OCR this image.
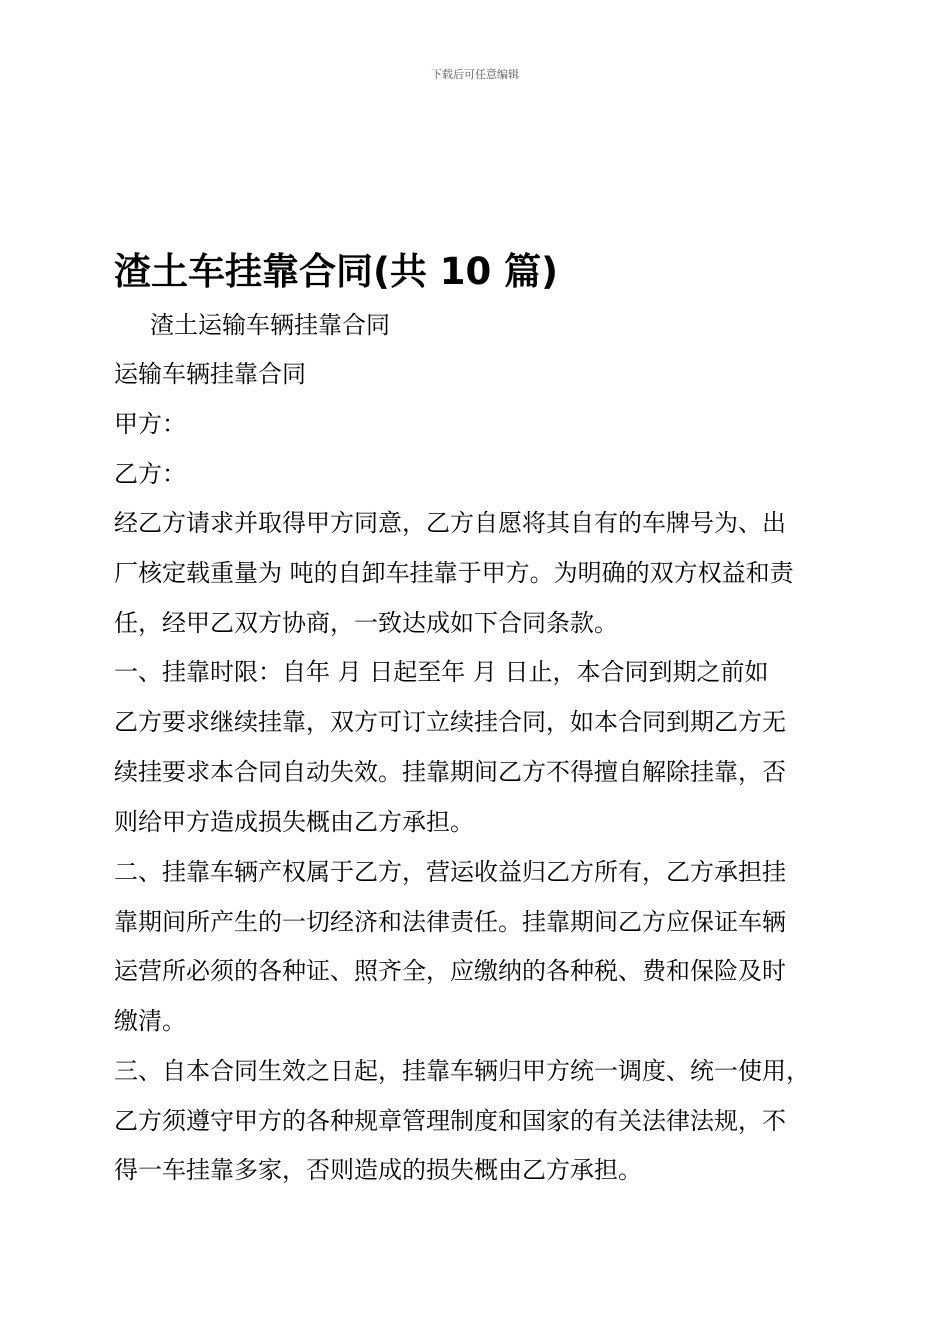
下载后可任意编辑
渣土车挂靠合同(共 10 篇)
渣土运输车辆挂靠合同
运输车辆挂靠合同
甲方：
乙方：
经乙方请求并取得甲方同意，乙方自愿将其自有的车牌号为、出
厂核定载重量为 吨的自卸车挂靠于甲方。为明确的双方权益和责
任，经甲乙双方协商，一致达成如下合同条款。
一、挂靠时限：自年 月 日起至年 月 日止，本合同到期之前如
乙方要求继续挂靠，双方可订立续挂合同，如本合同到期乙方无
续挂要求本合同自动失效。挂靠期间乙方不得擅自解除挂靠，否
则给甲方造成损失概由乙方承担。
二、挂靠车辆产权属于乙方，营运收益归乙方所有，乙方承担挂
靠期间所产生的一切经济和法律责任。挂靠期间乙方应保证车辆
运营所必须的各种证、照齐全，应缴纳的各种税、费和保险及时
缴清。
三、自本合同生效之日起，挂靠车辆归甲方统一调度、统一使用，
乙方须遵守甲方的各种规章管理制度和国家的有关法律法规，不
得一车挂靠多家，否则造成的损失概由乙方承担。
